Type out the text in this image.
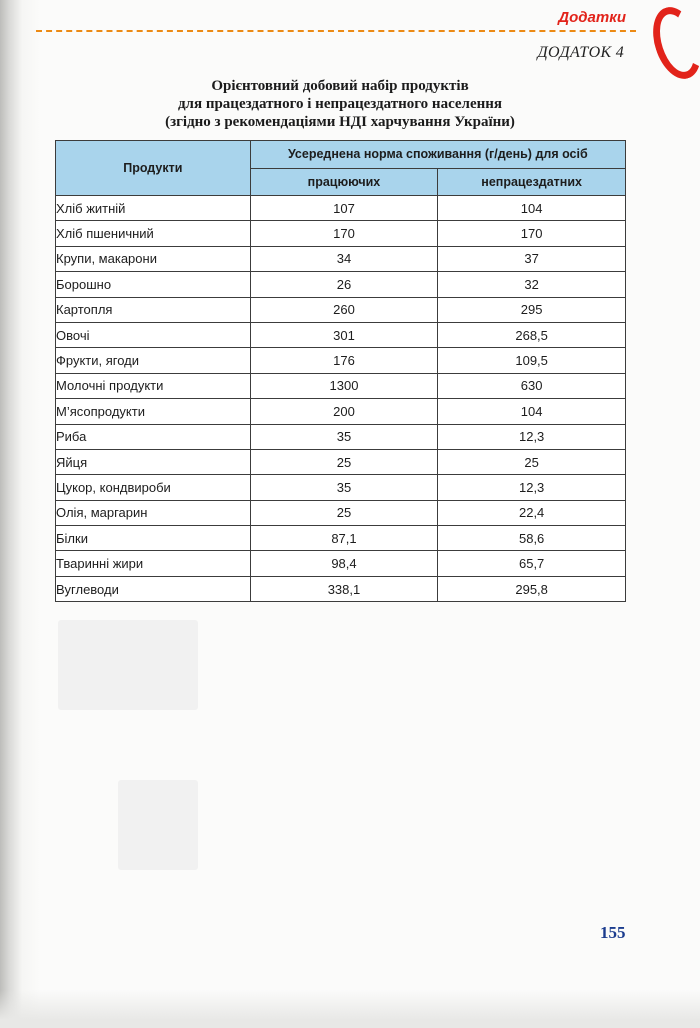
Додатки
ДОДАТОК 4
Орієнтовний добовий набір продуктів
для працездатного і непрацездатного населення
(згідно з рекомендаціями НДІ харчування України)
Продукти	Усереднена норма споживання (г/день) для осіб	
	працюючих	непрацездатних
Хліб житній	107	104
Хліб пшеничний	170	170
Крупи, макарони	34	37
Борошно	26	32
Картопля	260	295
Овочі	301	268,5
Фрукти, ягоди	176	109,5
Молочні продукти	1300	630
М’ясопродукти	200	104
Риба	35	12,3
Яйця	25	25
Цукор, кондвироби	35	12,3
Олія, маргарин	25	22,4
Білки	87,1	58,6
Тваринні жири	98,4	65,7
Вуглеводи	338,1	295,8
155
